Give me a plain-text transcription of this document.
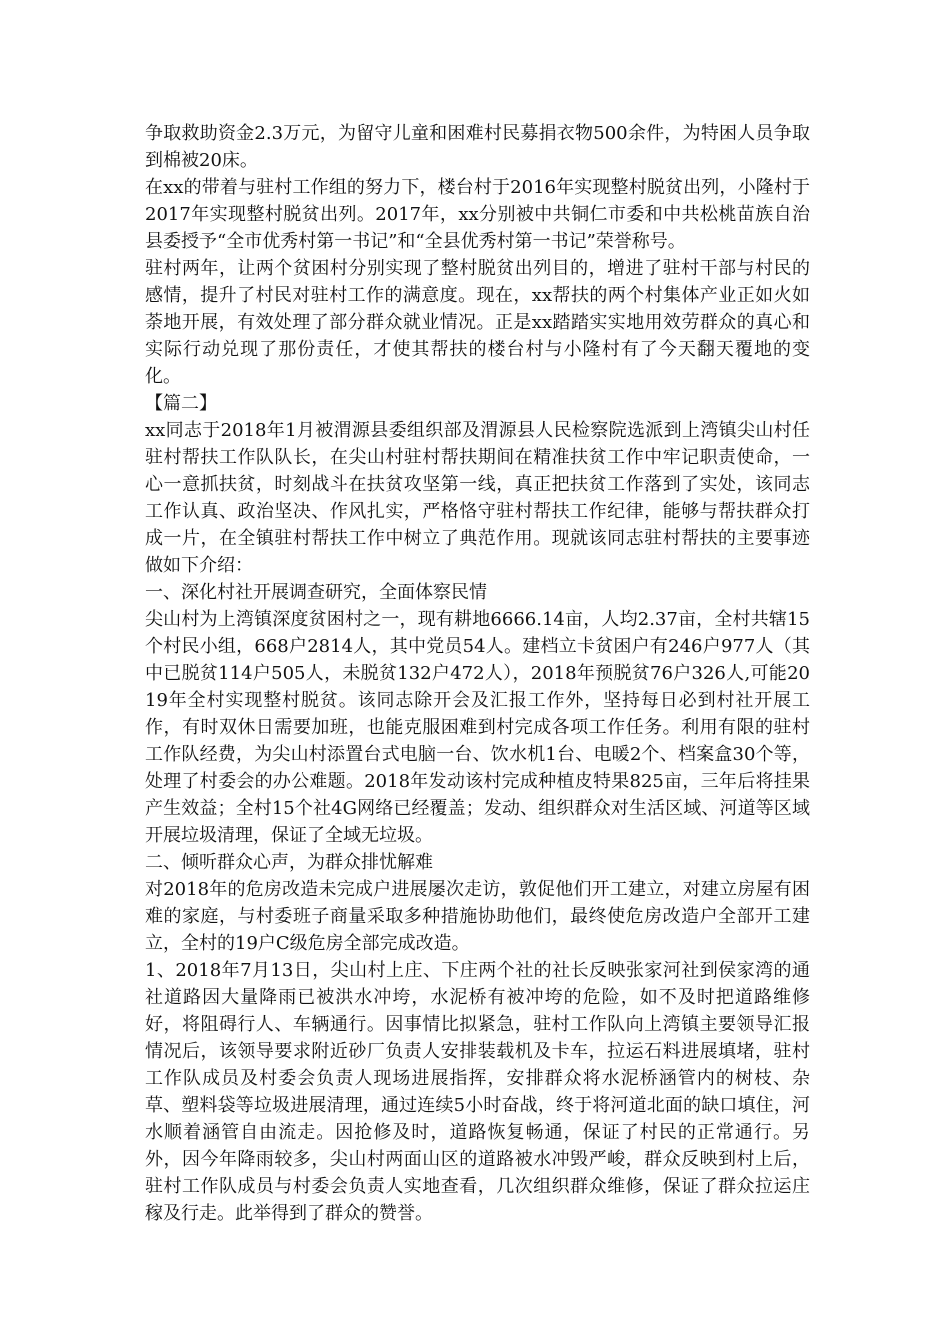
争取救助资金2.3万元，为留守儿童和困难村民募捐衣物500余件，为特困人员争取到棉被20床。

在xx的带着与驻村工作组的努力下，楼台村于2016年实现整村脱贫出列，小隆村于2017年实现整村脱贫出列。2017年，xx分别被中共铜仁市委和中共松桃苗族自治县委授予“全市优秀村第一书记”和“全县优秀村第一书记”荣誉称号。

驻村两年，让两个贫困村分别实现了整村脱贫出列目的，增进了驻村干部与村民的感情，提升了村民对驻村工作的满意度。现在，xx帮扶的两个村集体产业正如火如荼地开展，有效处理了部分群众就业情况。正是xx踏踏实实地用效劳群众的真心和实际行动兑现了那份责任，才使其帮扶的楼台村与小隆村有了今天翻天覆地的变化。

【篇二】

xx同志于2018年1月被渭源县委组织部及渭源县人民检察院选派到上湾镇尖山村任驻村帮扶工作队队长，在尖山村驻村帮扶期间在精准扶贫工作中牢记职责使命，一心一意抓扶贫，时刻战斗在扶贫攻坚第一线，真正把扶贫工作落到了实处，该同志工作认真、政治坚决、作风扎实，严格恪守驻村帮扶工作纪律，能够与帮扶群众打成一片，在全镇驻村帮扶工作中树立了典范作用。现就该同志驻村帮扶的主要事迹做如下介绍：

一、深化村社开展调查研究，全面体察民情

尖山村为上湾镇深度贫困村之一，现有耕地6666.14亩，人均2.37亩，全村共辖15个村民小组，668户2814人，其中党员54人。建档立卡贫困户有246户977人（其中已脱贫114户505人，未脱贫132户472人），2018年预脱贫76户326人,可能2019年全村实现整村脱贫。该同志除开会及汇报工作外，坚持每日必到村社开展工作，有时双休日需要加班，也能克服困难到村完成各项工作任务。利用有限的驻村工作队经费，为尖山村添置台式电脑一台、饮水机1台、电暖2个、档案盒30个等，处理了村委会的办公难题。2018年发动该村完成种植皮特果825亩，三年后将挂果产生效益；全村15个社4G网络已经覆盖；发动、组织群众对生活区域、河道等区域开展垃圾清理，保证了全域无垃圾。

二、倾听群众心声，为群众排忧解难

对2018年的危房改造未完成户进展屡次走访，敦促他们开工建立，对建立房屋有困难的家庭，与村委班子商量采取多种措施协助他们，最终使危房改造户全部开工建立，全村的19户C级危房全部完成改造。

1、2018年7月13日，尖山村上庄、下庄两个社的社长反映张家河社到侯家湾的通社道路因大量降雨已被洪水冲垮，水泥桥有被冲垮的危险，如不及时把道路维修好，将阻碍行人、车辆通行。因事情比拟紧急，驻村工作队向上湾镇主要领导汇报情况后，该领导要求附近砂厂负责人安排装载机及卡车，拉运石料进展填堵，驻村工作队成员及村委会负责人现场进展指挥，安排群众将水泥桥涵管内的树枝、杂草、塑料袋等垃圾进展清理，通过连续5小时奋战，终于将河道北面的缺口填住，河水顺着涵管自由流走。因抢修及时，道路恢复畅通，保证了村民的正常通行。另外，因今年降雨较多，尖山村两面山区的道路被水冲毁严峻，群众反映到村上后，驻村工作队成员与村委会负责人实地查看，几次组织群众维修，保证了群众拉运庄稼及行走。此举得到了群众的赞誉。
